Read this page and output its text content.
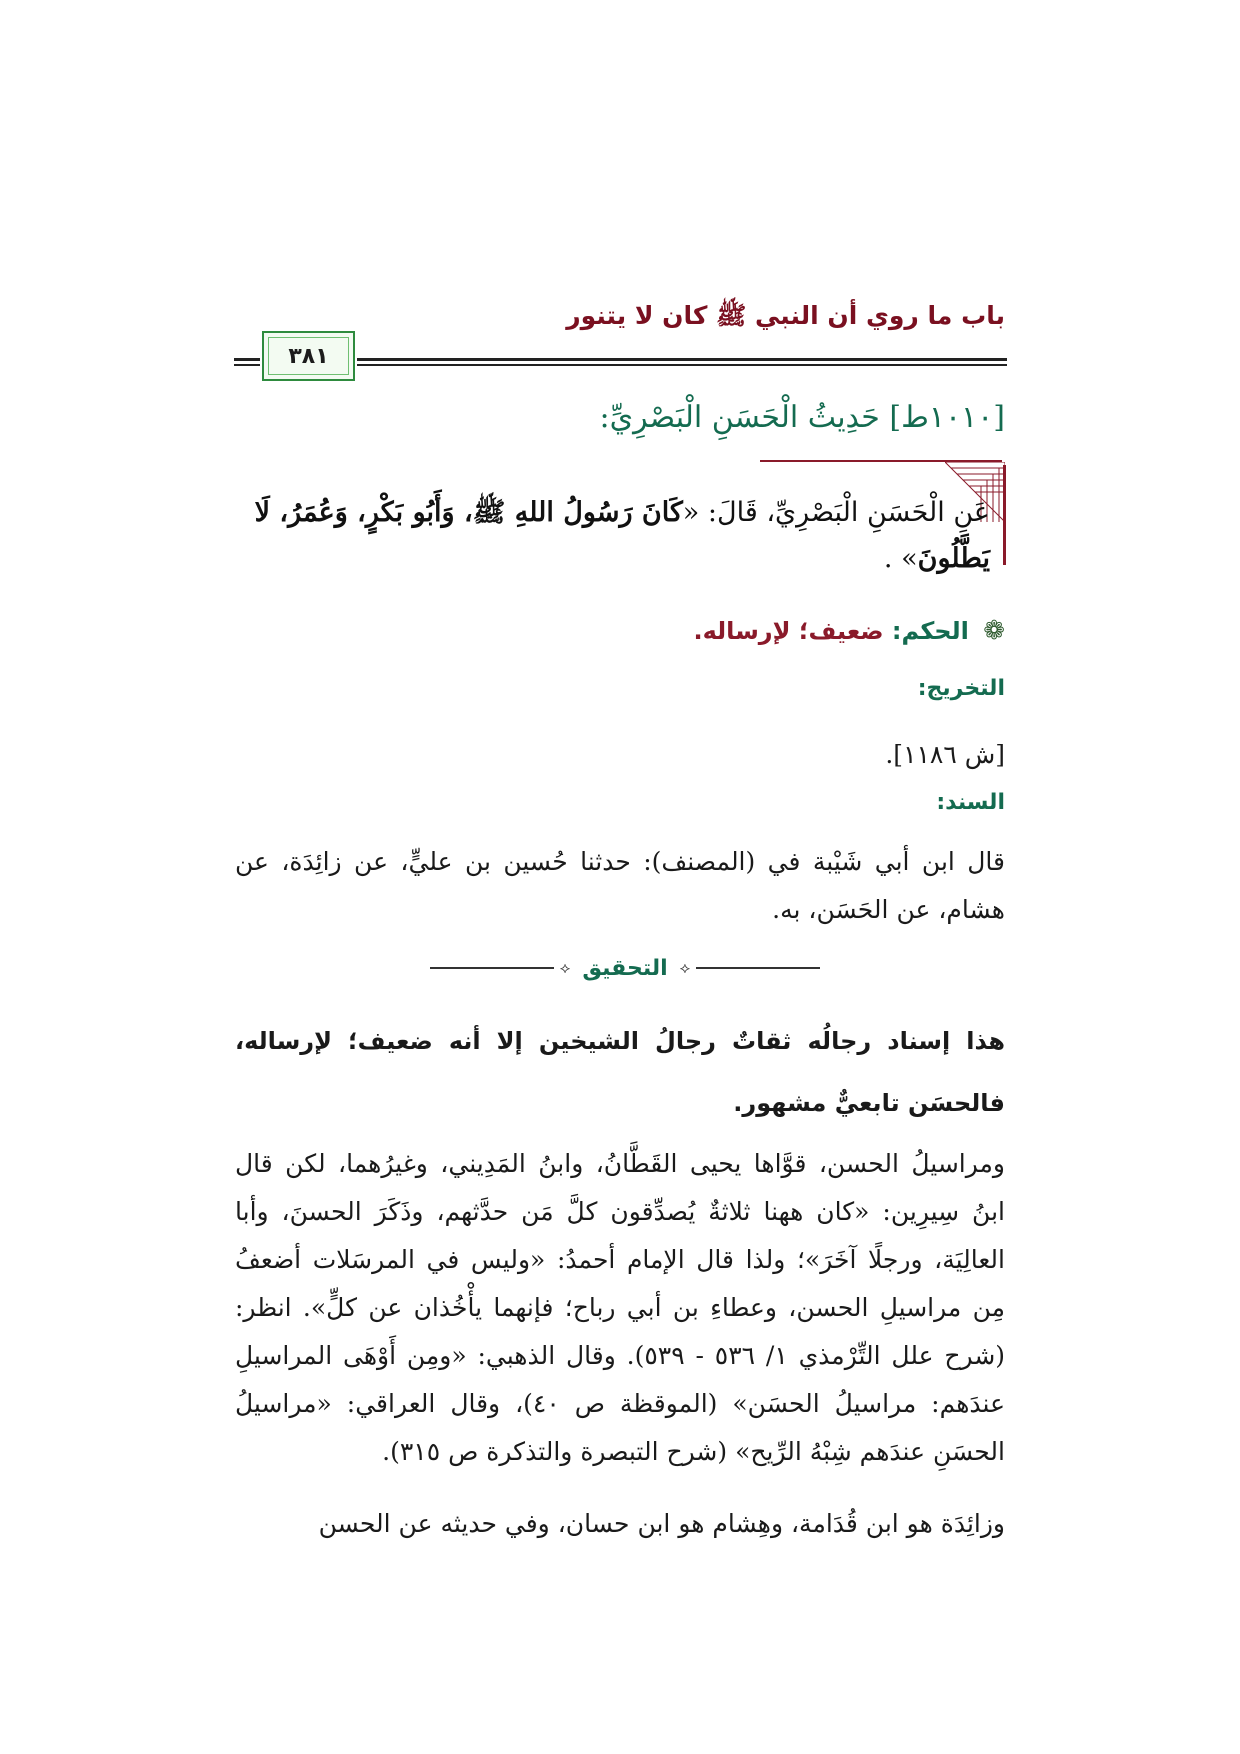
باب ما روي أن النبي ﷺ كان لا يتنور
٣٨١
[١٠١٠ط] حَدِيثُ الْحَسَنِ الْبَصْرِيِّ:
عَنِ الْحَسَنِ الْبَصْرِيِّ، قَالَ: «كَانَ رَسُولُ اللهِ ﷺ، وَأَبُو بَكْرٍ، وَعُمَرُ، لَا يَطَّلُونَ» .
❁ الحكم: ضعيف؛ لإرساله.
التخريج:
[ش ١١٨٦].
السند:
قال ابن أبي شَيْبة في (المصنف): حدثنا حُسين بن عليٍّ، عن زائِدَة، عن هشام، عن الحَسَن، به.
⟡
التحقيق
⟡
هذا إسناد رجالُه ثقاتٌ رجالُ الشيخين إلا أنه ضعيف؛ لإرساله، فالحسَن تابعيٌّ مشهور.
ومراسيلُ الحسن، قوَّاها يحيى القَطَّانُ، وابنُ المَدِيني، وغيرُهما، لكن قال ابنُ سِيرِين: «كان ههنا ثلاثةٌ يُصدِّقون كلَّ مَن حدَّثهم، وذَكَرَ الحسنَ، وأبا العالِيَة، ورجلًا آخَرَ»؛ ولذا قال الإمام أحمدُ: «وليس في المرسَلات أضعفُ مِن مراسيلِ الحسن، وعطاءِ بن أبي رباح؛ فإنهما يأْخُذان عن كلٍّ». انظر: (شرح علل التِّرْمذي ١/ ٥٣٦ - ٥٣٩). وقال الذهبي: «ومِن أَوْهَى المراسيلِ عندَهم: مراسيلُ الحسَن» (الموقظة ص ٤٠)، وقال العراقي: «مراسيلُ الحسَنِ عندَهم شِبْهُ الرِّيح» (شرح التبصرة والتذكرة ص ٣١٥).
وزائِدَة هو ابن قُدَامة، وهِشام هو ابن حسان، وفي حديثه عن الحسن
